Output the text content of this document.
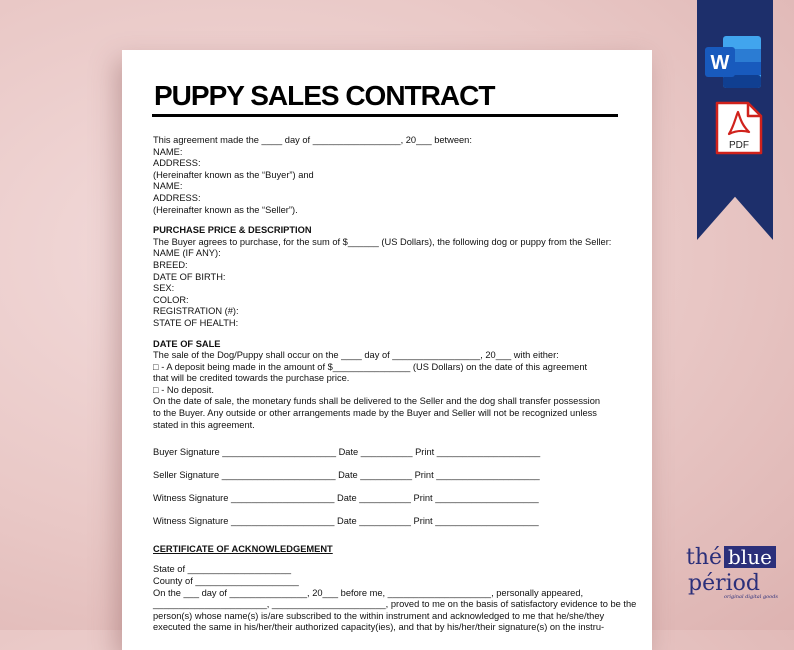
PUPPY SALES CONTRACT
This agreement made the ____ day of _________________, 20___ between:
NAME:
ADDRESS:
(Hereinafter known as the “Buyer”) and
NAME:
ADDRESS:
(Hereinafter known as the “Seller”).
PURCHASE PRICE & DESCRIPTION
The Buyer agrees to purchase, for the sum of $______ (US Dollars), the following dog or puppy from the Seller:
NAME (IF ANY):
BREED:
DATE OF BIRTH:
SEX:
COLOR:
REGISTRATION (#):
STATE OF HEALTH:
DATE OF SALE
The sale of the Dog/Puppy shall occur on the ____ day of _________________, 20___ with either:
□ - A deposit being made in the amount of $_______________ (US Dollars) on the date of this agreement
that will be credited towards the purchase price.
□ - No deposit.
On the date of sale, the monetary funds shall be delivered to the Seller and the dog shall transfer possession
to the Buyer. Any outside or other arrangements made by the Buyer and Seller will not be recognized unless
stated in this agreement.
Buyer Signature ______________________ Date __________ Print ____________________
Seller Signature ______________________ Date __________ Print ____________________
Witness Signature ____________________ Date __________ Print ____________________
Witness Signature ____________________ Date __________ Print ____________________
CERTIFICATE OF ACKNOWLEDGEMENT
State of ____________________
County of ____________________
On the ___ day of _______________, 20___ before me, ____________________, personally appeared,
______________________, ______________________, proved to me on the basis of satisfactory evidence to be the
person(s) whose name(s) is/are subscribed to the within instrument and acknowledged to me that he/she/they
executed the same in his/her/their authorized capacity(ies), and that by his/her/their signature(s) on the instru-
W
PDF
thé blue
périod
original digital goods
